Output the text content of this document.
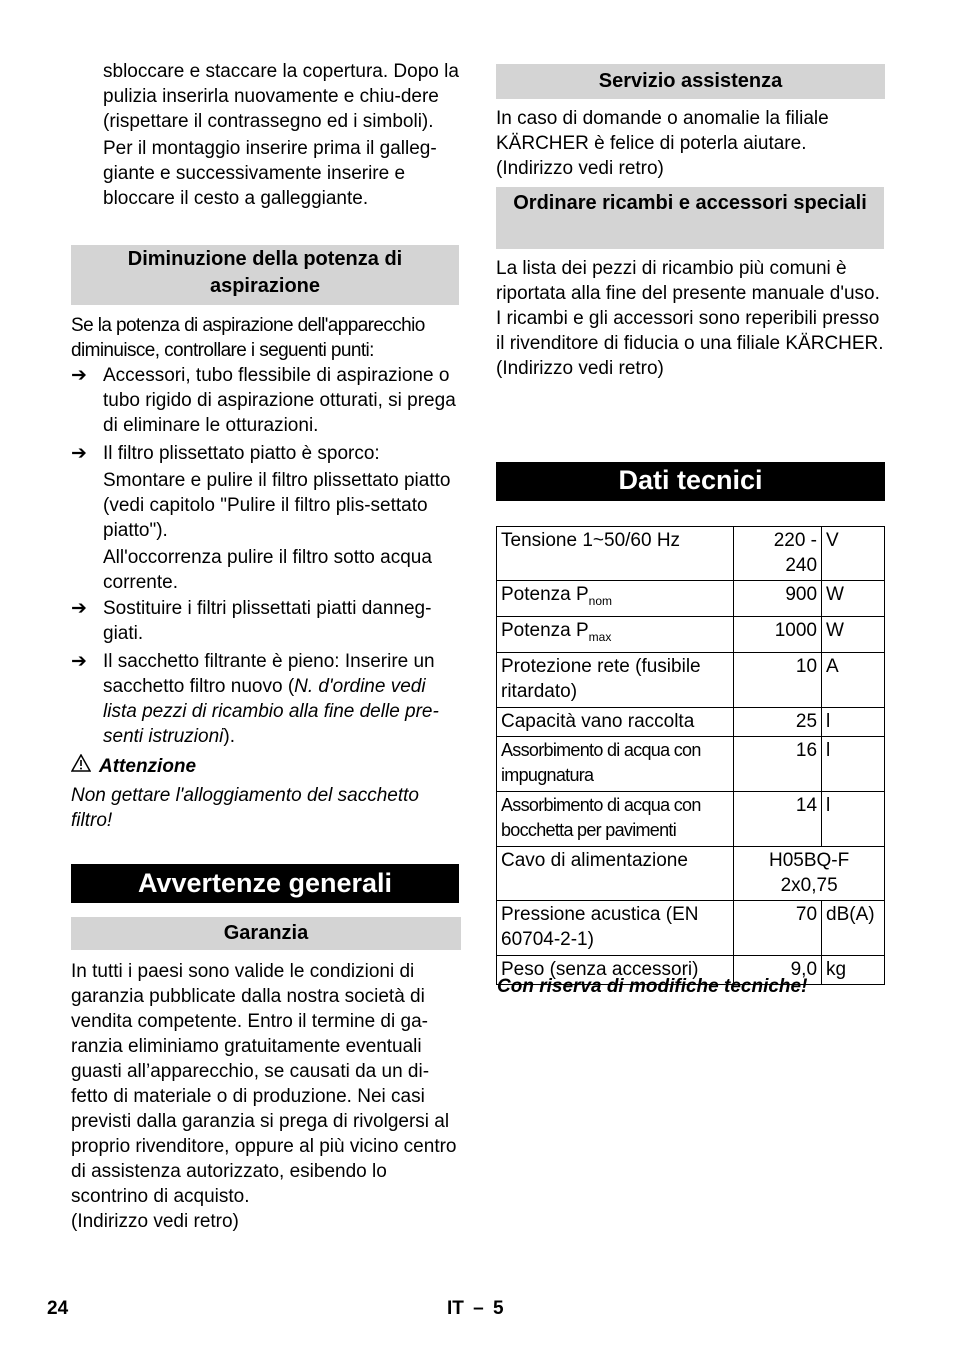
sbloccare e staccare la copertura. Dopo la pulizia inserirla nuovamente e chiu-dere (rispettare il contrassegno ed i simboli).

Per il montaggio inserire prima il galleg-giante e successivamente inserire e bloccare il cesto a galleggiante.

Diminuzione della potenza di aspirazione

Se la potenza di aspirazione dell'apparecchio diminuisce, controllare i seguenti punti:

➔ Accessori, tubo flessibile di aspirazione o tubo rigido di aspirazione otturati, si prega di eliminare le otturazioni.
➔ Il filtro plissettato piatto è sporco:

Smontare e pulire il filtro plissettato piatto (vedi capitolo "Pulire il filtro plis-settato piatto").

All'occorrenza pulire il filtro sotto acqua corrente.

➔ Sostituire i filtri plissettati piatti danneg-giati.
➔ Il sacchetto filtrante è pieno: Inserire un sacchetto filtro nuovo (N. d'ordine vedi lista pezzi di ricambio alla fine delle pre-senti istruzioni).
Attenzione

Non gettare l'alloggiamento del sacchetto filtro!

Avvertenze generali
Garanzia

In tutti i paesi sono valide le condizioni di garanzia pubblicate dalla nostra società di vendita competente. Entro il termine di ga-ranzia eliminiamo gratuitamente eventuali guasti all’apparecchio, se causati da un di-fetto di materiale o di produzione. Nei casi previsti dalla garanzia si prega di rivolgersi al proprio rivenditore, oppure al più vicino centro di assistenza autorizzato, esibendo lo scontrino di acquisto.

(Indirizzo vedi retro)

Servizio assistenza

In caso di domande o anomalie la filiale KÄRCHER è felice di poterla aiutare.

(Indirizzo vedi retro)

Ordinare ricambi e accessori speciali

La lista dei pezzi di ricambio più comuni è riportata alla fine del presente manuale d'uso.

I ricambi e gli accessori sono reperibili presso il rivenditore di fiducia o una filiale KÄRCHER.

(Indirizzo vedi retro)

Dati tecnici
Tensione 1~50/60 Hz	220 - 240	V
Potenza $P_{nom}$	900	W
Potenza $P_{max}$	1000	W
Protezione rete (fusibile ritardato)	10	A
Capacità vano raccolta	25	l
Assorbimento di acqua con impugnatura	16	l
Assorbimento di acqua con bocchetta per pavimenti	14	l
Cavo di alimentazione	H05BQ-F 2x0,75	
Pressione acustica (EN 60704-2-1)	70	dB(A)
Peso (senza accessori)	9,0	kg
Con riserva di modifiche tecniche!
24	IT – 5
